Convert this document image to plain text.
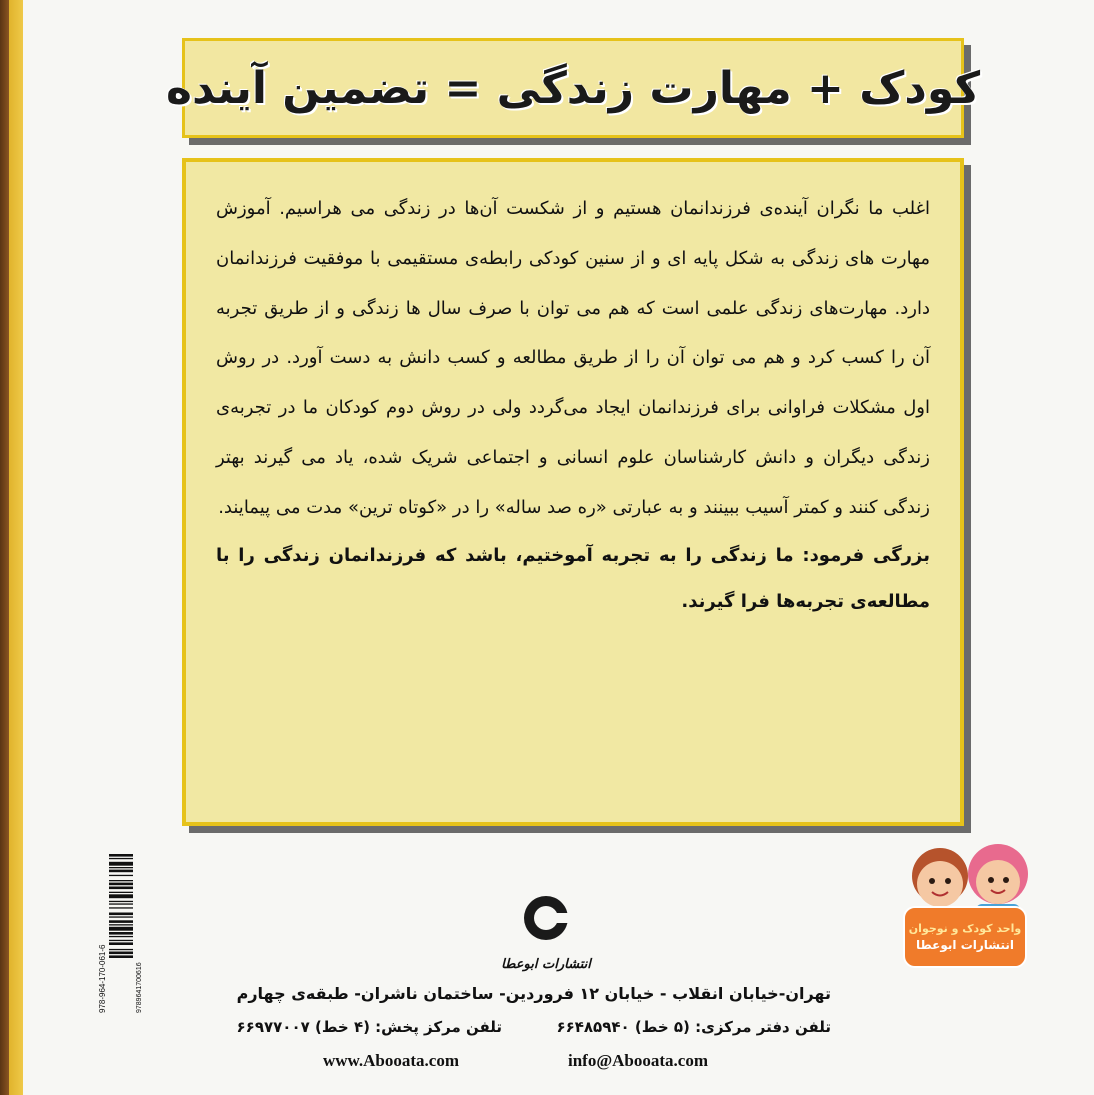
کودک + مهارت زندگی = تضمین آینده

اغلب ما نگران آینده‌ی فرزندانمان هستیم و از شکست آن‌ها در زندگی می هراسیم. آموزش مهارت های زندگی به شکل پایه ای و از سنین کودکی رابطه‌ی مستقیمی با موفقیت فرزندانمان دارد. مهارت‌های زندگی علمی است که هم می توان با صرف سال ها زندگی و از طریق تجربه آن را کسب کرد و هم می توان آن را از طریق مطالعه و کسب دانش به دست آورد. در روش اول مشکلات فراوانی برای فرزندانمان ایجاد می‌گردد ولی در روش دوم کودکان ما در تجربه‌ی زندگی دیگران و دانش کارشناسان علوم انسانی و اجتماعی شریک شده، یاد می گیرند بهتر زندگی کنند و کمتر آسیب ببینند و به عبارتی «ره صد ساله» را در «کوتاه ترین» مدت می پیمایند.

بزرگی فرمود: ما زندگی را به تجربه آموختیم، باشد که فرزندانمان زندگی را با مطالعه‌ی تجربه‌ها فرا گیرند.

978-964-170-061-6	9789641700616	انتشارات ابوعطا
تهران-خیابان انقلاب - خیابان ۱۲ فروردین- ساختمان ناشران- طبقه‌ی چهارم
تلفن دفتر مرکزی: (۵ خط) ۶۶۴۸۵۹۴۰
تلفن مرکز پخش: (۴ خط) ۶۶۹۷۷۰۰۷
www.Abooata.com	info@Abooata.com
واحد کودک و نوجوان
انتشارات ابوعطا
